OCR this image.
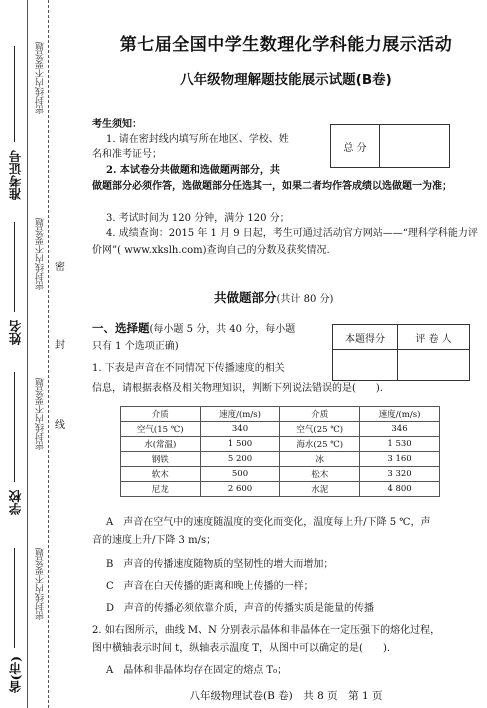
密封线内不要答题
密封线内不要答题
密封线内不要答题
密封线内不要答题
密
封
线
准考证号
姓名
学校
省(市)
第七届全国中学生数理化学科能力展示活动
八年级物理解题技能展示试题(B卷)
考生须知：
1. 请在密封线内填写所在地区、学校、姓
名和准考证号；
2. 本试卷分共做题和选做题两部分，共
做题部分必须作答，选做题部分任选其一，如果二者均作答成绩以选做题一为准；
3. 考试时间为 120 分钟，满分 120 分；
4. 成绩查询：2015 年 1 月 9 日起，考生可通过活动官方网站——“理科学科能力评价网”( www.xkslh.com)查询自己的分数及获奖情况.
总 分	
共做题部分(共计 80 分)
一、选择题(每小题 5 分，共 40 分，每小题
只有 1 个选项正确)
本题得分	评 卷 人

1. 下表是声音在不同情况下传播速度的相关
信息，请根据表格及相关物理知识，判断下列说法错误的是(　　).
介质	速度/(m/s)	介质	速度/(m/s)
空气(15 ℃)	340	空气(25 ℃)	346
水(常温)	1 500	海水(25 ℃)	1 530
钢铁	5 200	冰	3 160
软木	500	松木	3 320
尼龙	2 600	水泥	4 800
A　声音在空气中的速度随温度的变化而变化，温度每上升/下降 5 ℃，声
音的速度上升/下降 3 m/s；
B　声音的传播速度随物质的坚韧性的增大而增加；
C　声音在白天传播的距离和晚上传播的一样；
D　声音的传播必须依靠介质，声音的传播实质是能量的传播
2. 如右图所示，曲线 M、N 分别表示晶体和非晶体在一定压强下的熔化过程，
图中横轴表示时间 t，纵轴表示温度 T，从图中可以确定的是(　　).
A　晶体和非晶体均存在固定的熔点 T₀；
八年级物理试卷(B 卷)　共 8 页　第 1 页
